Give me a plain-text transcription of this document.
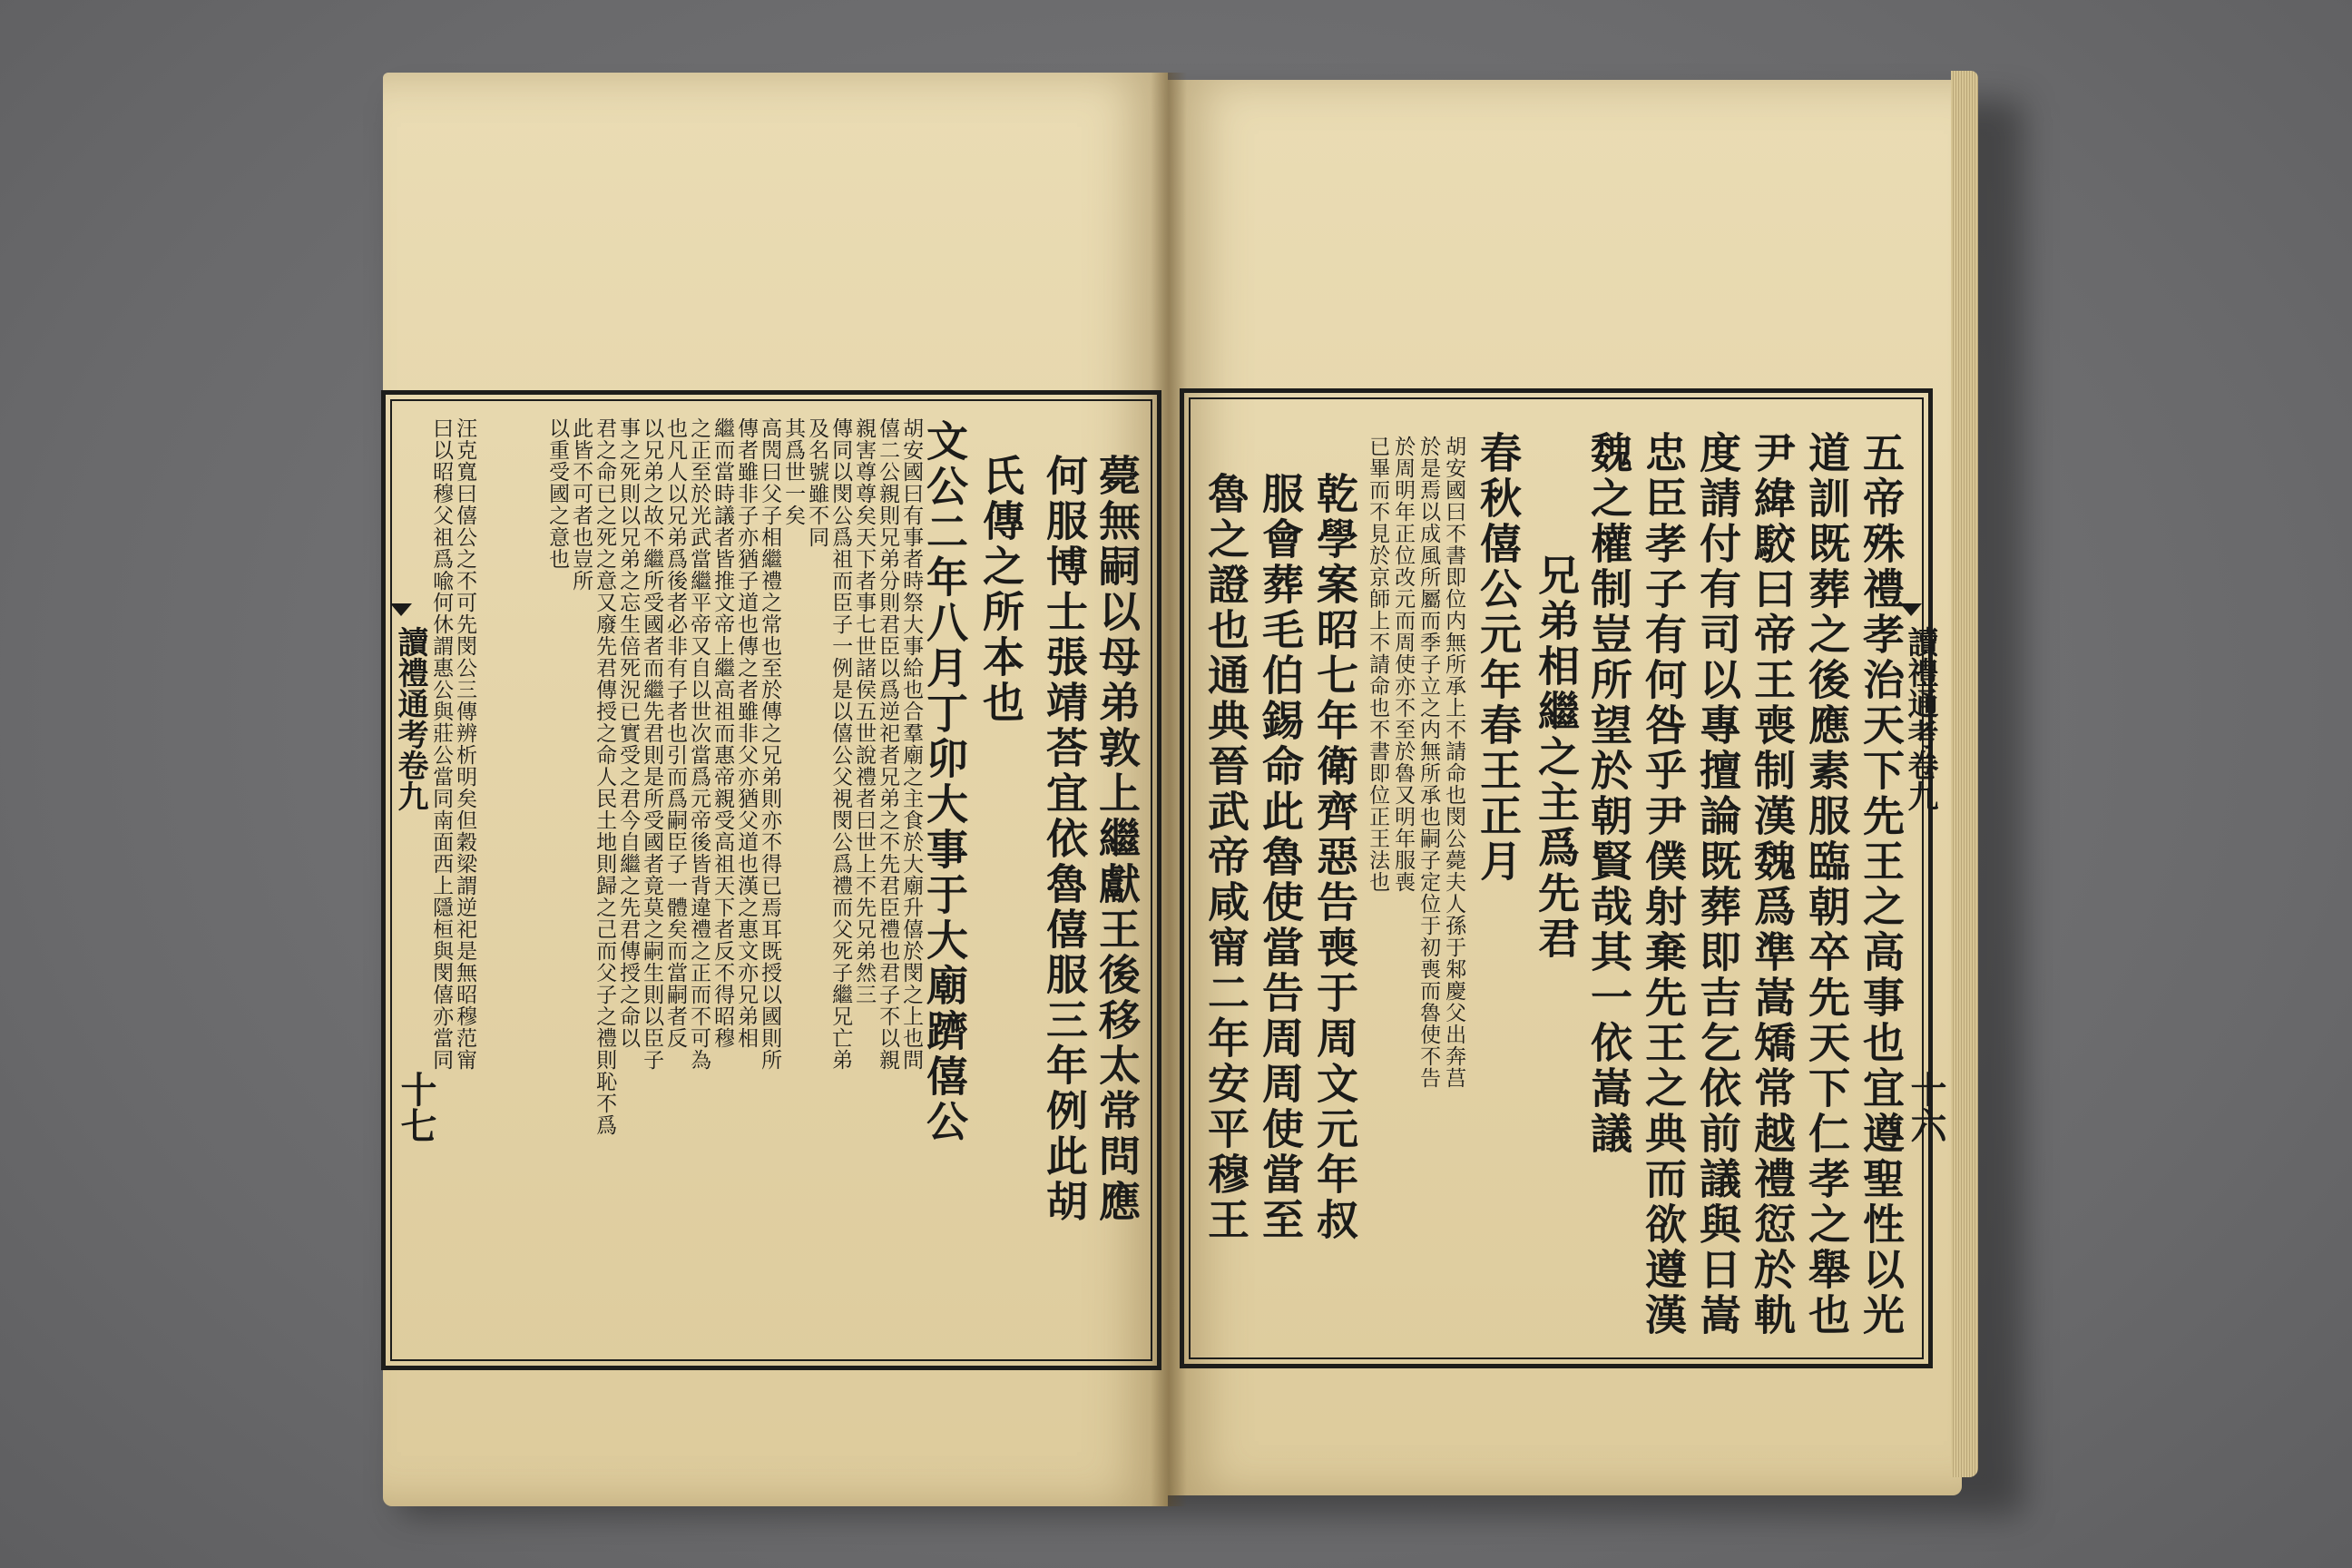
讀禮通考卷九
十七	文公二年八月丁卯大事于大廟躋僖公 氏傳之所本也 何服博士張靖荅宜依魯僖服三年例此胡 薨無嗣以母弟敦上繼獻王後移太常問應
胡安國曰有事者時祭大事給也合羣廟之主食於大廟升僖於閔之上也問
僖二公親則兄弟分則君臣以爲逆祀者兄弟之不先君臣禮也君子不以親
親害尊尊矣天下者事七世諸侯五世說禮者曰世上不先兄弟然三
傳同以閔公爲祖而臣子一例是以僖公父視閔公爲禮而父死子繼兄亡弟
及名號雖不同
其爲世一矣
高閌曰父子相繼禮之常也至於傳之兄弟則亦不得已焉耳既授以國則所
傳者雖非子亦猶子道也傳之者雖非父亦猶父道也漢之惠文亦兄弟相
繼而當時議者皆推文帝上繼高祖而惠帝親受高祖天下者反不得昭穆
之正至於光武當繼平帝又自以世次當爲元帝後皆背違禮之正而不可為
也凡人以兄弟爲後者必非有子者也引而爲嗣臣子一體矣而當嗣者反
以兄弟之故不繼所受國者而繼先君則是所受國者竟莫之嗣生則以臣子
事之死則以兄弟之忘生倍死況已實受之君今自繼之先君傳授之命以
君之命已之死之意又廢先君傳授之命人民土地則歸之己而父子之禮則恥不爲
此皆不可者也豈所
以重受國之意也
汪克寬曰僖公之不可先閔公三傳辨析明矣但穀梁謂逆祀是無昭穆范甯
曰以昭穆父祖爲喩何休謂惠公與莊公當同南面西上隱桓與閔僖亦當同	讀禮通考卷九
十六
五帝殊禮孝治天下先王之高事也宜遵聖性以光
道訓既葬之後應素服臨朝卒先天下仁孝之舉也
尹緯駮曰帝王喪制漢魏爲準嵩矯常越禮愆於軌
度請付有司以專擅論既葬即吉乞依前議與日嵩
忠臣孝子有何咎乎尹僕射棄先王之典而欲遵漢
魏之權制豈所望於朝賢哉其一依嵩議
兄弟相繼之主爲先君
春秋僖公元年春王正月
乾學案昭七年衛齊惡告喪于周文元年叔
服會葬毛伯錫命此魯使當告周周使當至
魯之證也通典晉武帝咸甯二年安平穆王	胡安國曰不書即位内無所承上不請命也閔公薨夫人孫于邾慶父出奔莒
於是焉以成風所屬而季子立之内無所承也嗣子定位于初喪而魯使不告
於周明年正位改元而周使亦不至於魯又明年服喪
已畢而不見於京師上不請命也不書即位正王法也
